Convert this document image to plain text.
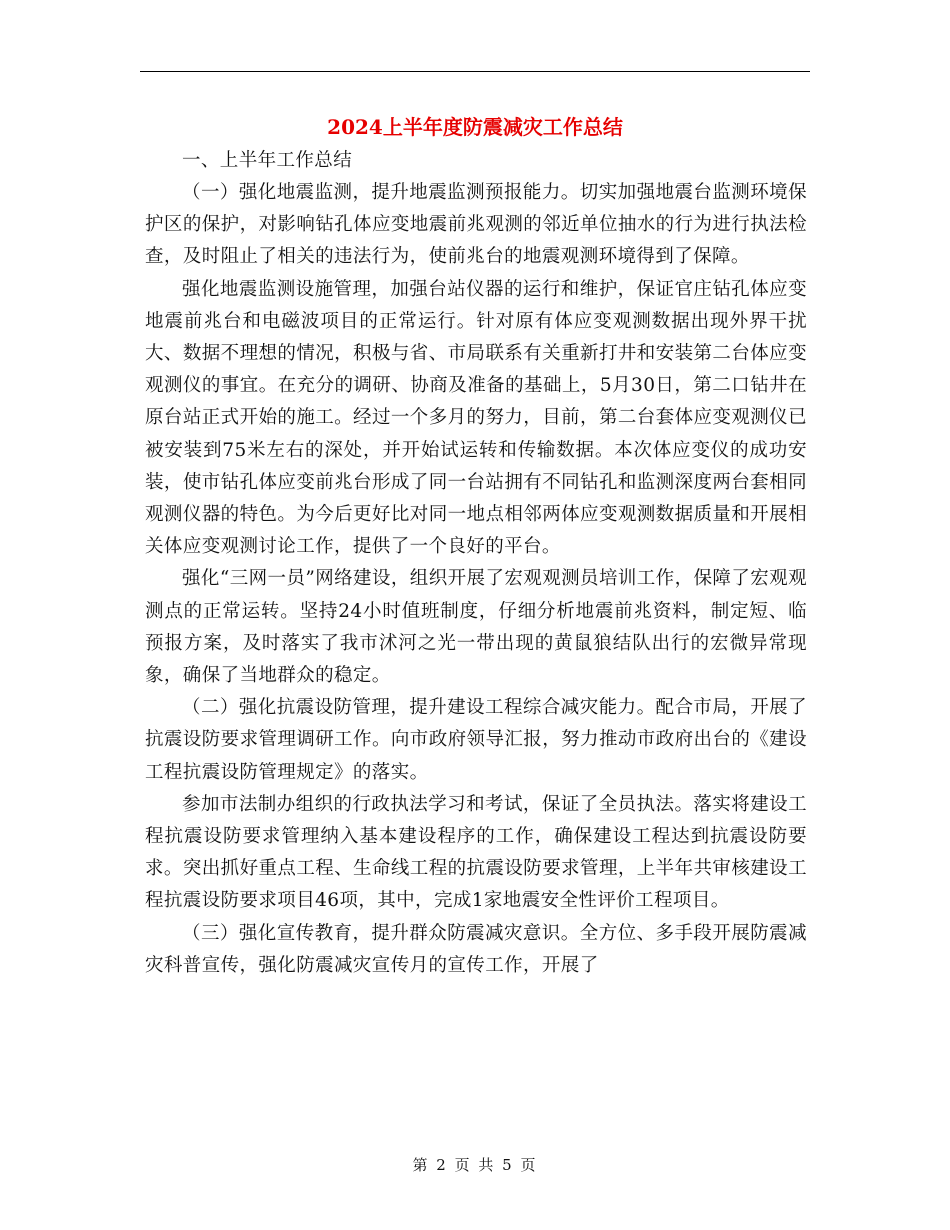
2024上半年度防震减灾工作总结

一、上半年工作总结

（一）强化地震监测，提升地震监测预报能力。切实加强地震台监测环境保护区的保护，对影响钻孔体应变地震前兆观测的邻近单位抽水的行为进行执法检查，及时阻止了相关的违法行为，使前兆台的地震观测环境得到了保障。

强化地震监测设施管理，加强台站仪器的运行和维护，保证官庄钻孔体应变地震前兆台和电磁波项目的正常运行。针对原有体应变观测数据出现外界干扰大、数据不理想的情况，积极与省、市局联系有关重新打井和安装第二台体应变观测仪的事宜。在充分的调研、协商及准备的基础上，5月30日，第二口钻井在原台站正式开始的施工。经过一个多月的努力，目前，第二台套体应变观测仪已被安装到75米左右的深处，并开始试运转和传输数据。本次体应变仪的成功安装，使市钻孔体应变前兆台形成了同一台站拥有不同钻孔和监测深度两台套相同观测仪器的特色。为今后更好比对同一地点相邻两体应变观测数据质量和开展相关体应变观测讨论工作，提供了一个良好的平台。

强化“三网一员”网络建设，组织开展了宏观观测员培训工作，保障了宏观观测点的正常运转。坚持24小时值班制度，仔细分析地震前兆资料，制定短、临预报方案，及时落实了我市沭河之光一带出现的黄鼠狼结队出行的宏微异常现象，确保了当地群众的稳定。

（二）强化抗震设防管理，提升建设工程综合减灾能力。配合市局，开展了抗震设防要求管理调研工作。向市政府领导汇报，努力推动市政府出台的《建设工程抗震设防管理规定》的落实。

参加市法制办组织的行政执法学习和考试，保证了全员执法。落实将建设工程抗震设防要求管理纳入基本建设程序的工作，确保建设工程达到抗震设防要求。突出抓好重点工程、生命线工程的抗震设防要求管理，上半年共审核建设工程抗震设防要求项目46项，其中，完成1家地震安全性评价工程项目。

（三）强化宣传教育，提升群众防震减灾意识。全方位、多手段开展防震减灾科普宣传，强化防震减灾宣传月的宣传工作，开展了

第 2 页 共 5 页
